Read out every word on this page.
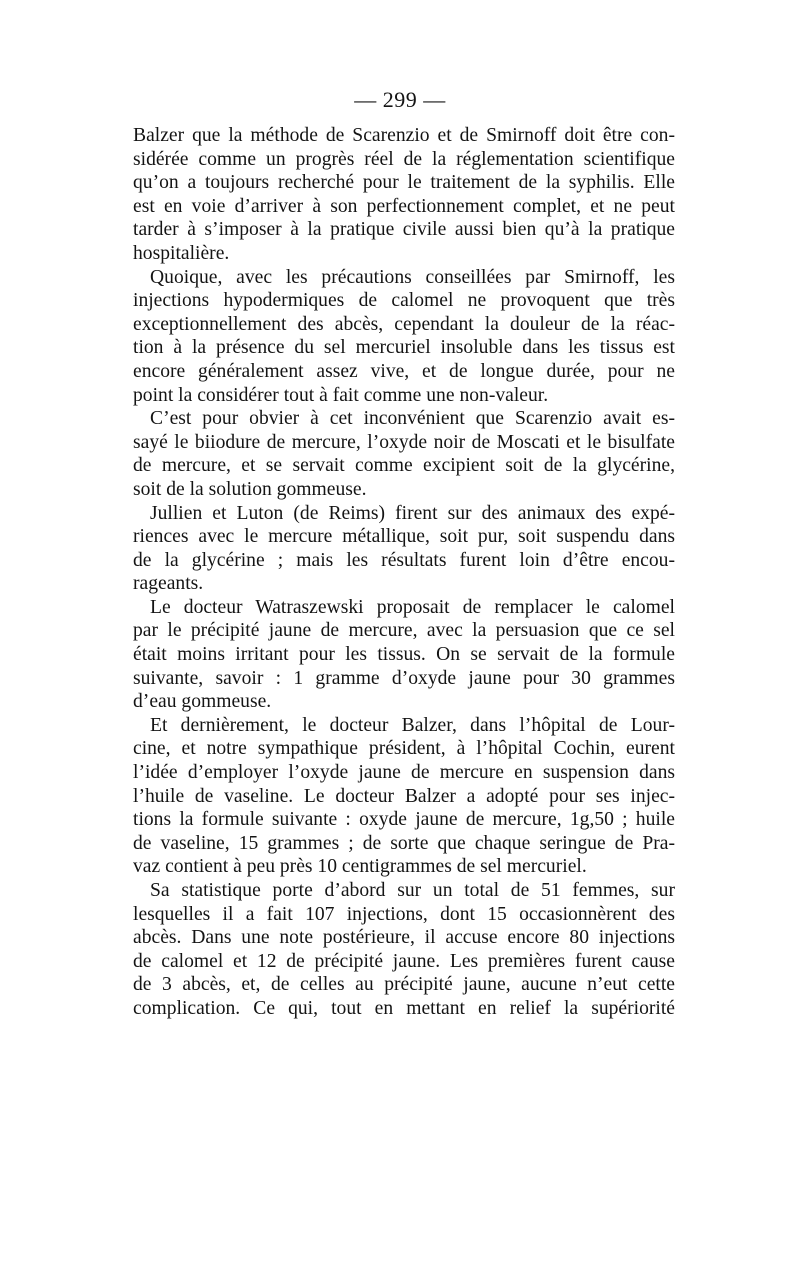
— 299 —
Balzer que la méthode de Scarenzio et de Smirnoff doit être con-
sidérée comme un progrès réel de la réglementation scientifique
qu’on a toujours recherché pour le traitement de la syphilis. Elle
est en voie d’arriver à son perfectionnement complet, et ne peut
tarder à s’imposer à la pratique civile aussi bien qu’à la pratique
hospitalière.
Quoique, avec les précautions conseillées par Smirnoff, les
injections hypodermiques de calomel ne provoquent que très
exceptionnellement des abcès, cependant la douleur de la réac-
tion à la présence du sel mercuriel insoluble dans les tissus est
encore généralement assez vive, et de longue durée, pour ne
point la considérer tout à fait comme une non-valeur.
C’est pour obvier à cet inconvénient que Scarenzio avait es-
sayé le biiodure de mercure, l’oxyde noir de Moscati et le bisulfate
de mercure, et se servait comme excipient soit de la glycérine,
soit de la solution gommeuse.
Jullien et Luton (de Reims) firent sur des animaux des expé-
riences avec le mercure métallique, soit pur, soit suspendu dans
de la glycérine ; mais les résultats furent loin d’être encou-
rageants.
Le docteur Watraszewski proposait de remplacer le calomel
par le précipité jaune de mercure, avec la persuasion que ce sel
était moins irritant pour les tissus. On se servait de la formule
suivante, savoir : 1 gramme d’oxyde jaune pour 30 grammes
d’eau gommeuse.
Et dernièrement, le docteur Balzer, dans l’hôpital de Lour-
cine, et notre sympathique président, à l’hôpital Cochin, eurent
l’idée d’employer l’oxyde jaune de mercure en suspension dans
l’huile de vaseline. Le docteur Balzer a adopté pour ses injec-
tions la formule suivante : oxyde jaune de mercure, 1g,50 ; huile
de vaseline, 15 grammes ; de sorte que chaque seringue de Pra-
vaz contient à peu près 10 centigrammes de sel mercuriel.
Sa statistique porte d’abord sur un total de 51 femmes, sur
lesquelles il a fait 107 injections, dont 15 occasionnèrent des
abcès. Dans une note postérieure, il accuse encore 80 injections
de calomel et 12 de précipité jaune. Les premières furent cause
de 3 abcès, et, de celles au précipité jaune, aucune n’eut cette
complication. Ce qui, tout en mettant en relief la supériorité
